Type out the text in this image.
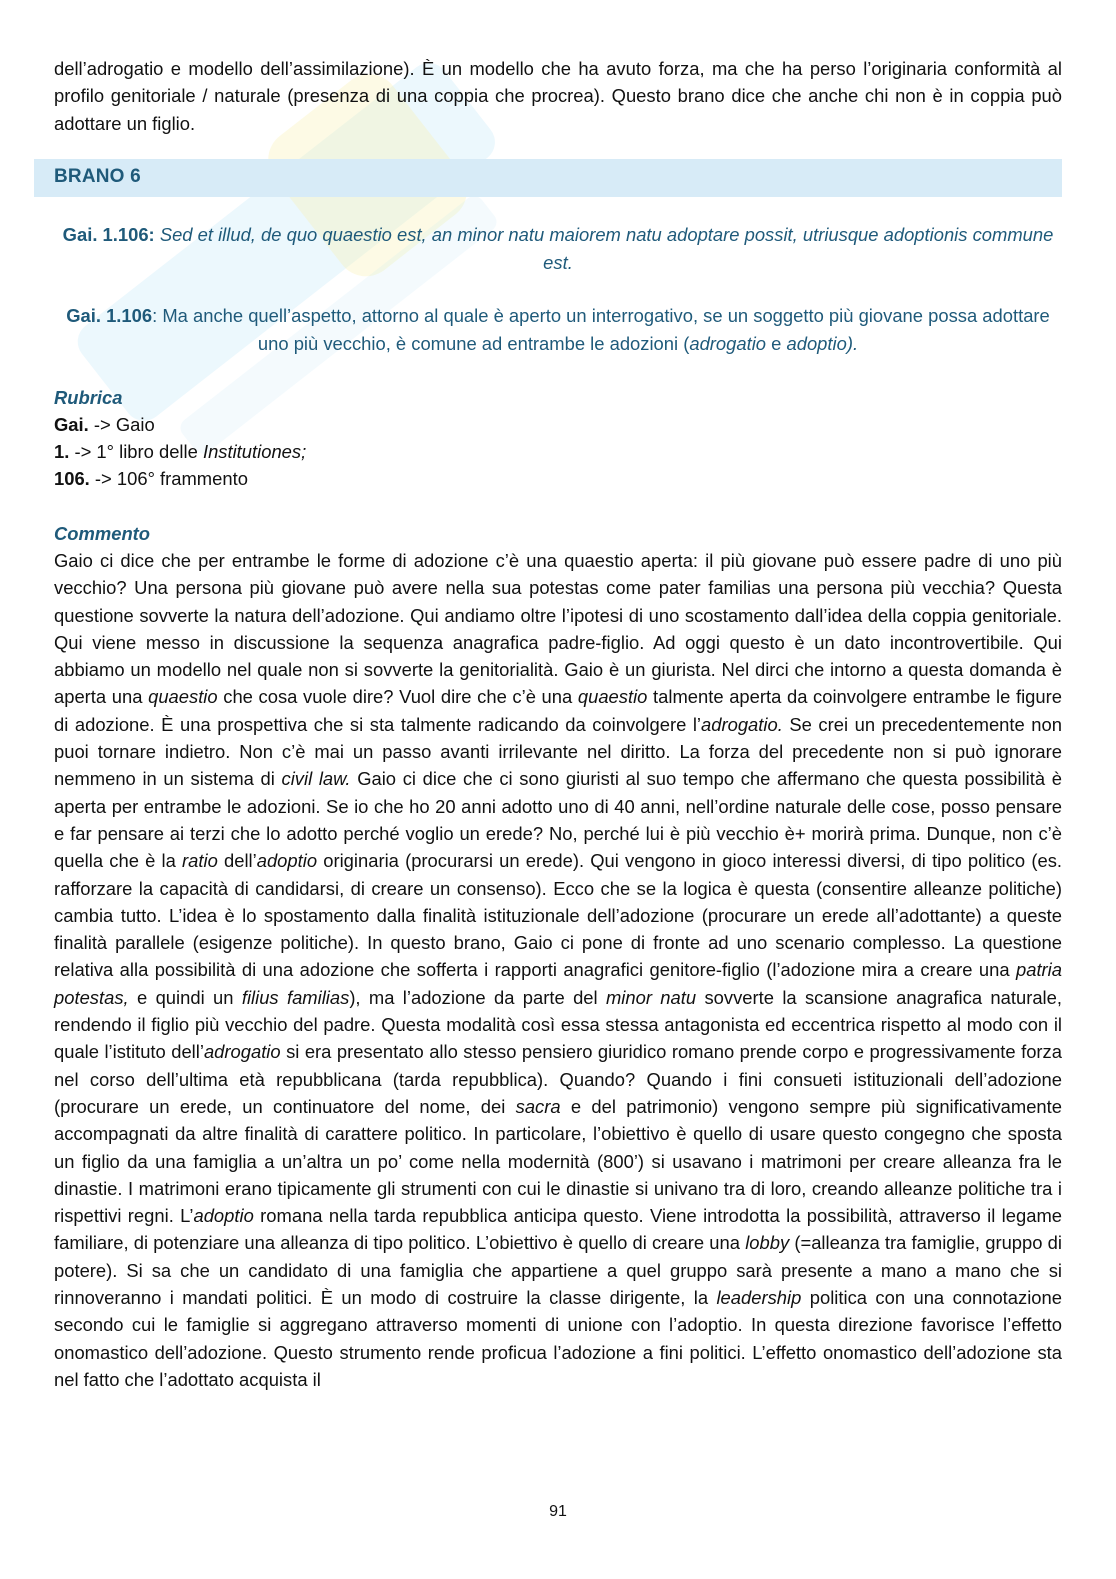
dell’adrogatio e modello dell’assimilazione). È un modello che ha avuto forza, ma che ha perso l’originaria conformità al profilo genitoriale / naturale (presenza di una coppia che procrea). Questo brano dice che anche chi non è in coppia può adottare un figlio.

BRANO 6

Gai. 1.106: Sed et illud, de quo quaestio est, an minor natu maiorem natu adoptare possit, utriusque adoptionis commune est.

Gai. 1.106: Ma anche quell’aspetto, attorno al quale è aperto un interrogativo, se un soggetto più giovane possa adottare uno più vecchio, è comune ad entrambe le adozioni (adrogatio e adoptio).

Rubrica

Gai. -> Gaio

1. -> 1° libro delle Institutiones;

106. -> 106° frammento

Commento

Gaio ci dice che per entrambe le forme di adozione c’è una quaestio aperta: il più giovane può essere padre di uno più vecchio? Una persona più giovane può avere nella sua potestas come pater familias una persona più vecchia? Questa questione sovverte la natura dell’adozione. Qui andiamo oltre l’ipotesi di uno scostamento dall’idea della coppia genitoriale. Qui viene messo in discussione la sequenza anagrafica padre-figlio. Ad oggi questo è un dato incontrovertibile. Qui abbiamo un modello nel quale non si sovverte la genitorialità. Gaio è un giurista. Nel dirci che intorno a questa domanda è aperta una quaestio che cosa vuole dire? Vuol dire che c’è una quaestio talmente aperta da coinvolgere entrambe le figure di adozione. È una prospettiva che si sta talmente radicando da coinvolgere l’adrogatio. Se crei un precedentemente non puoi tornare indietro. Non c’è mai un passo avanti irrilevante nel diritto. La forza del precedente non si può ignorare nemmeno in un sistema di civil law. Gaio ci dice che ci sono giuristi al suo tempo che affermano che questa possibilità è aperta per entrambe le adozioni. Se io che ho 20 anni adotto uno di 40 anni, nell’ordine naturale delle cose, posso pensare e far pensare ai terzi che lo adotto perché voglio un erede? No, perché lui è più vecchio è+ morirà prima. Dunque, non c’è quella che è la ratio dell’adoptio originaria (procurarsi un erede). Qui vengono in gioco interessi diversi, di tipo politico (es. rafforzare la capacità di candidarsi, di creare un consenso). Ecco che se la logica è questa (consentire alleanze politiche) cambia tutto. L’idea è lo spostamento dalla finalità istituzionale dell’adozione (procurare un erede all’adottante) a queste finalità parallele (esigenze politiche). In questo brano, Gaio ci pone di fronte ad uno scenario complesso. La questione relativa alla possibilità di una adozione che sofferta i rapporti anagrafici genitore-figlio (l’adozione mira a creare una patria potestas, e quindi un filius familias), ma l’adozione da parte del minor natu sovverte la scansione anagrafica naturale, rendendo il figlio più vecchio del padre. Questa modalità così essa stessa antagonista ed eccentrica rispetto al modo con il quale l’istituto dell’adrogatio si era presentato allo stesso pensiero giuridico romano prende corpo e progressivamente forza nel corso dell’ultima età repubblicana (tarda repubblica). Quando? Quando i fini consueti istituzionali dell’adozione (procurare un erede, un continuatore del nome, dei sacra e del patrimonio) vengono sempre più significativamente accompagnati da altre finalità di carattere politico. In particolare, l’obiettivo è quello di usare questo congegno che sposta un figlio da una famiglia a un’altra un po’ come nella modernità (800’) si usavano i matrimoni per creare alleanza fra le dinastie. I matrimoni erano tipicamente gli strumenti con cui le dinastie si univano tra di loro, creando alleanze politiche tra i rispettivi regni. L’adoptio romana nella tarda repubblica anticipa questo. Viene introdotta la possibilità, attraverso il legame familiare, di potenziare una alleanza di tipo politico. L’obiettivo è quello di creare una lobby (=alleanza tra famiglie, gruppo di potere). Si sa che un candidato di una famiglia che appartiene a quel gruppo sarà presente a mano a mano che si rinnoveranno i mandati politici. È un modo di costruire la classe dirigente, la leadership politica con una connotazione secondo cui le famiglie si aggregano attraverso momenti di unione con l’adoptio. In questa direzione favorisce l’effetto onomastico dell’adozione. Questo strumento rende proficua l’adozione a fini politici. L’effetto onomastico dell’adozione sta nel fatto che l’adottato acquista il

91
